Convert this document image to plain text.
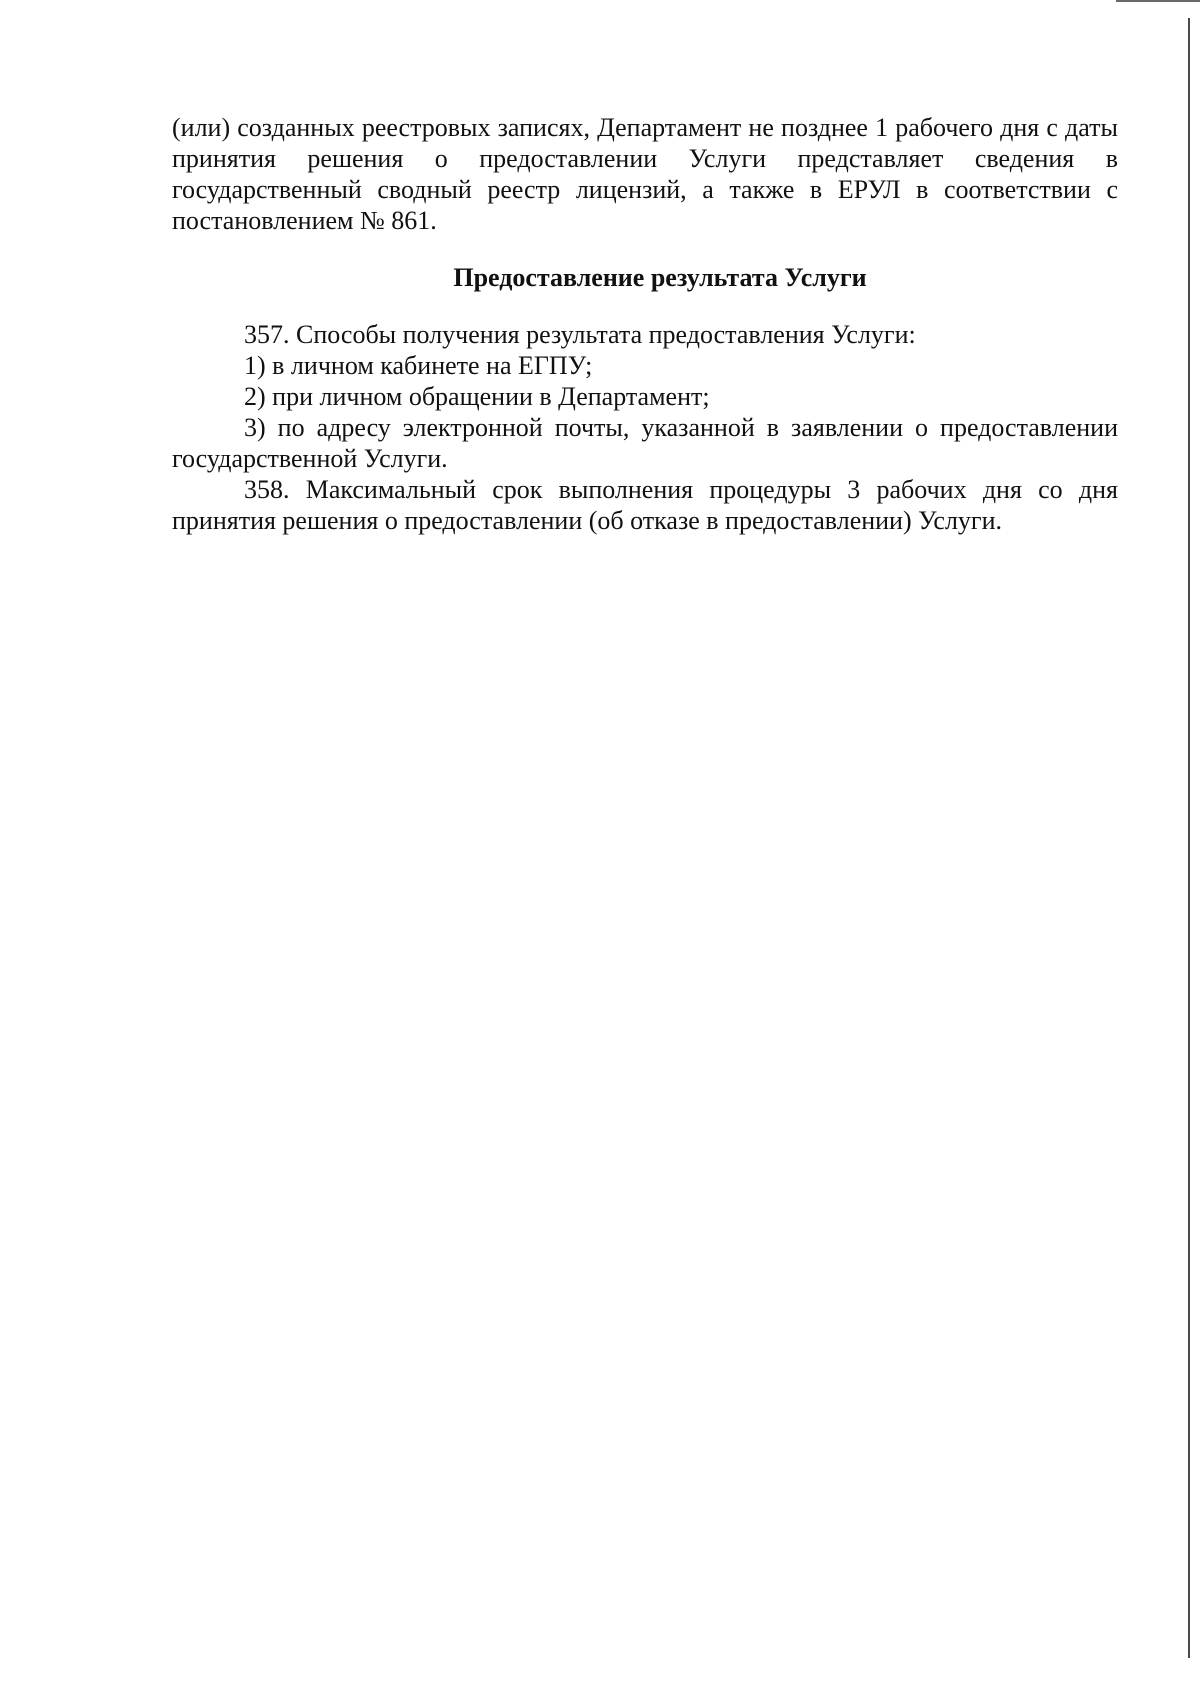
(или) созданных реестровых записях, Департамент не позднее 1 рабочего дня с даты принятия решения о предоставлении Услуги представляет сведения в государственный сводный реестр лицензий, а также в ЕРУЛ в соответствии с постановлением № 861.

Предоставление результата Услуги

357. Способы получения результата предоставления Услуги:

1) в личном кабинете на ЕГПУ;

2) при личном обращении в Департамент;

3) по адресу электронной почты, указанной в заявлении о предоставлении государственной Услуги.

358. Максимальный срок выполнения процедуры 3 рабочих дня со дня принятия решения о предоставлении (об отказе в предоставлении) Услуги.
